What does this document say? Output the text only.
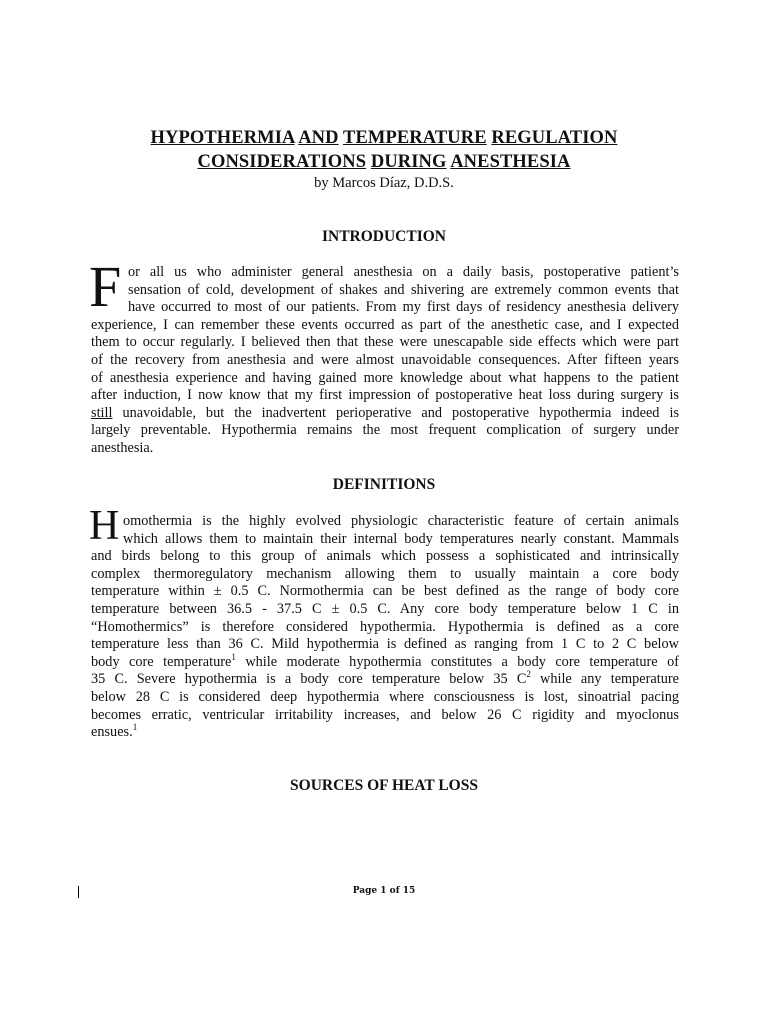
HYPOTHERMIA AND TEMPERATURE REGULATION
CONSIDERATIONS DURING ANESTHESIA
by Marcos Díaz, D.D.S.
INTRODUCTION
F or all us who administer general anesthesia on a daily basis, postoperative patient’s
sensation of cold, development of shakes and shivering are extremely common events that
have occurred to most of our patients. From my first days of residency anesthesia delivery
experience, I can remember these events occurred as part of the anesthetic case, and I expected
them to occur regularly. I believed then that these were unescapable side effects which were part
of the recovery from anesthesia and were almost unavoidable consequences. After fifteen years
of anesthesia experience and having gained more knowledge about what happens to the patient
after induction, I now know that my first impression of postoperative heat loss during surgery is
still unavoidable, but the inadvertent perioperative and postoperative hypothermia indeed is
largely preventable. Hypothermia remains the most frequent complication of surgery under
anesthesia.
DEFINITIONS
H omothermia is the highly evolved physiologic characteristic feature of certain animals
which allows them to maintain their internal body temperatures nearly constant. Mammals
and birds belong to this group of animals which possess a sophisticated and intrinsically
complex thermoregulatory mechanism allowing them to usually maintain a core body
temperature within ± 0.5 C. Normothermia can be best defined as the range of body core
temperature between 36.5 - 37.5 C ± 0.5 C. Any core body temperature below 1 C in
“Homothermics” is therefore considered hypothermia. Hypothermia is defined as a core
temperature less than 36 C. Mild hypothermia is defined as ranging from 1 C to 2 C below
body core temperature$^1$ while moderate hypothermia constitutes a body core temperature of
35 C. Severe hypothermia is a body core temperature below 35 $C^2$ while any temperature
below 28 C is considered deep hypothermia where consciousness is lost, sinoatrial pacing
becomes erratic, ventricular irritability increases, and below 26 C rigidity and myoclonus
ensues.$^1$
SOURCES OF HEAT LOSS
Page 1 of 15
